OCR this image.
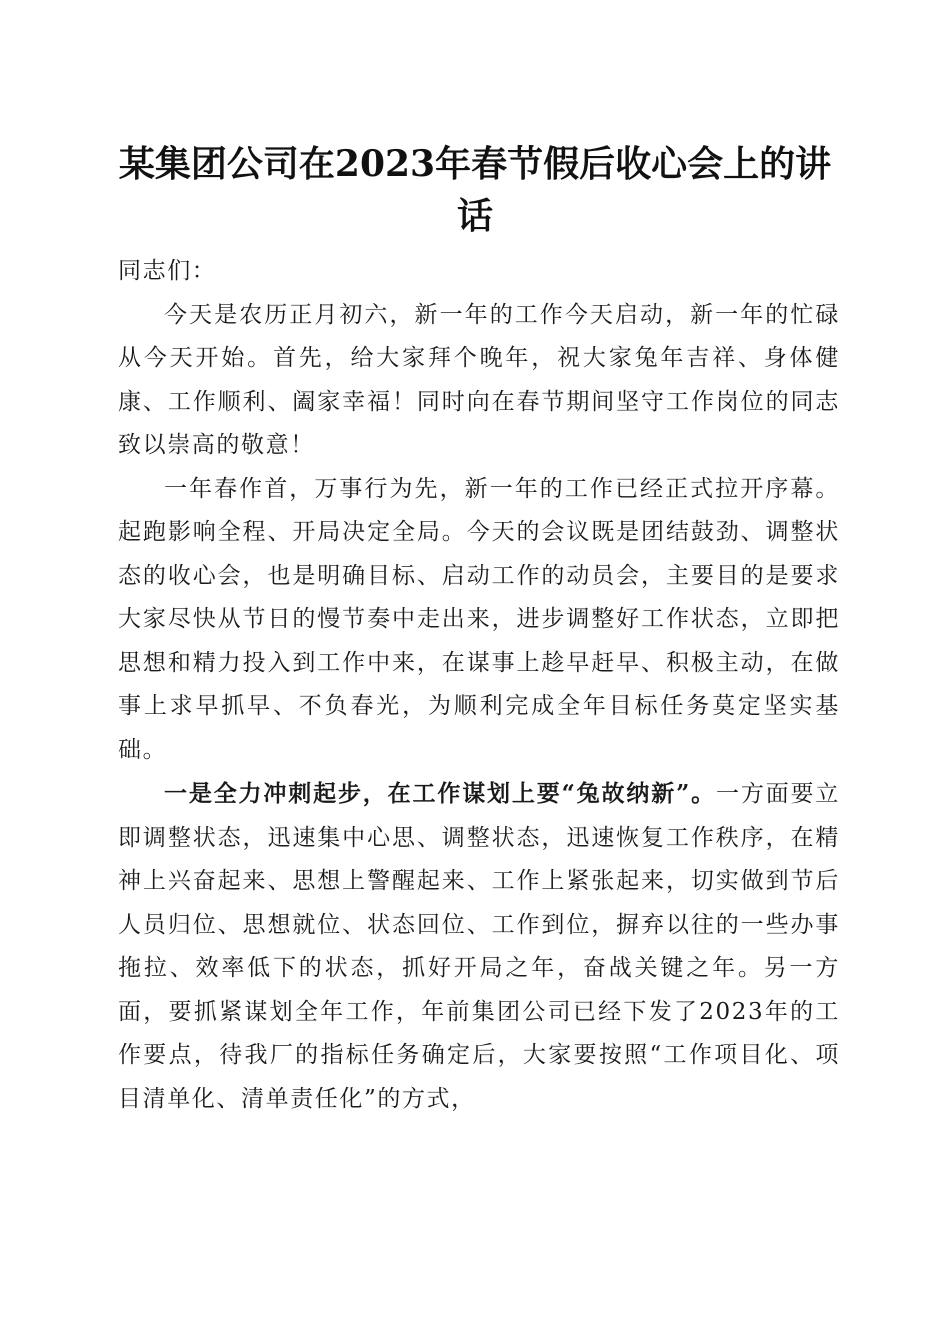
某集团公司在2023年春节假后收心会上的讲话

同志们：

今天是农历正月初六，新一年的工作今天启动，新一年的忙碌从今天开始。首先，给大家拜个晚年，祝大家兔年吉祥、身体健康、工作顺利、阖家幸福！同时向在春节期间坚守工作岗位的同志致以崇高的敬意！

一年春作首，万事行为先，新一年的工作已经正式拉开序幕。起跑影响全程、开局决定全局。今天的会议既是团结鼓劲、调整状态的收心会，也是明确目标、启动工作的动员会，主要目的是要求大家尽快从节日的慢节奏中走出来，进步调整好工作状态，立即把思想和精力投入到工作中来，在谋事上趁早赶早、积极主动，在做事上求早抓早、不负春光，为顺利完成全年目标任务莫定坚实基础。

一是全力冲刺起步，在工作谋划上要“兔故纳新”。一方面要立即调整状态，迅速集中心思、调整状态，迅速恢复工作秩序，在精神上兴奋起来、思想上警醒起来、工作上紧张起来，切实做到节后人员归位、思想就位、状态回位、工作到位，摒弃以往的一些办事拖拉、效率低下的状态，抓好开局之年，奋战关键之年。另一方面，要抓紧谋划全年工作，年前集团公司已经下发了2023年的工作要点，待我厂的指标任务确定后，大家要按照“工作项目化、项目清单化、清单责任化”的方式，
